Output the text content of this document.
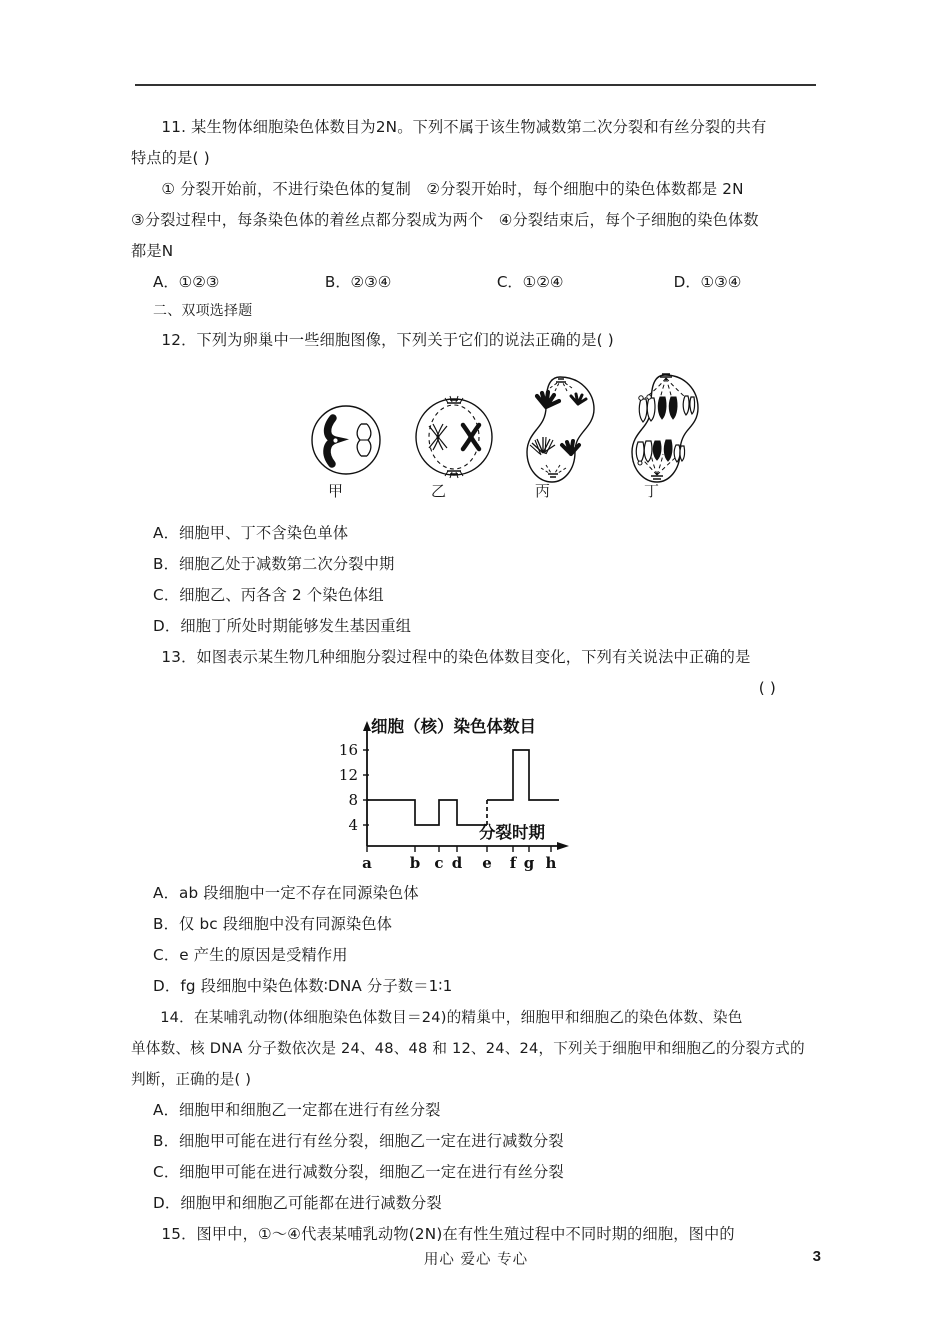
11. 某生物体细胞染色体数目为2N。下列不属于该生物减数第二次分裂和有丝分裂的共有

特点的是( )

① 分裂开始前，不进行染色体的复制　②分裂开始时，每个细胞中的染色体数都是 2N

③分裂过程中，每条染色体的着丝点都分裂成为两个　④分裂结束后，每个子细胞的染色体数

都是N

A．①②③	B．②③④	C．①②④	D．①③④

二、双项选择题

12．下列为卵巢中一些细胞图像，下列关于它们的说法正确的是( )

甲	乙	丙	丁

A．细胞甲、丁不含染色单体

B．细胞乙处于减数第二次分裂中期

C．细胞乙、丙各含 2 个染色体组

D．细胞丁所处时期能够发生基因重组

13．如图表示某生物几种细胞分裂过程中的染色体数目变化，下列有关说法中正确的是

( )

细胞（核）染色体数目
4
8
12
16
a	b c d e f g h
分裂时期

A．ab 段细胞中一定不存在同源染色体

B．仅 bc 段细胞中没有同源染色体

C．e 产生的原因是受精作用

D．fg 段细胞中染色体数∶DNA 分子数＝1∶1

14．在某哺乳动物(体细胞染色体数目＝24)的精巢中，细胞甲和细胞乙的染色体数、染色

单体数、核 DNA 分子数依次是 24、48、48 和 12、24、24，下列关于细胞甲和细胞乙的分裂方式的

判断，正确的是( )

A．细胞甲和细胞乙一定都在进行有丝分裂

B．细胞甲可能在进行有丝分裂，细胞乙一定在进行减数分裂

C．细胞甲可能在进行减数分裂，细胞乙一定在进行有丝分裂

D．细胞甲和细胞乙可能都在进行减数分裂

15．图甲中，①～④代表某哺乳动物(2N)在有性生殖过程中不同时期的细胞，图中的

用心 爱心 专心	3
